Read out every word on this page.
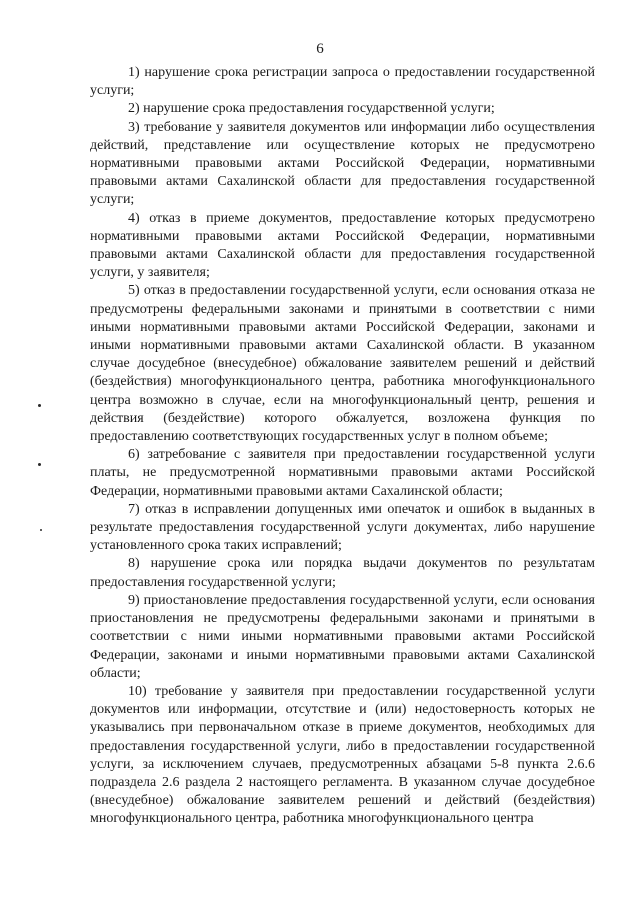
6

1) нарушение срока регистрации запроса о предоставлении государственной услуги;

2) нарушение срока предоставления государственной услуги;

3) требование у заявителя документов или информации либо осуществления действий, представление или осуществление которых не предусмотрено нормативными правовыми актами Российской Федерации, нормативными правовыми актами Сахалинской области для предоставления государственной услуги;

4) отказ в приеме документов, предоставление которых предусмотрено нормативными правовыми актами Российской Федерации, нормативными правовыми актами Сахалинской области для предоставления государственной услуги, у заявителя;

5) отказ в предоставлении государственной услуги, если основания отказа не предусмотрены федеральными законами и принятыми в соответствии с ними иными нормативными правовыми актами Российской Федерации, законами и иными нормативными правовыми актами Сахалинской области. В указанном случае досудебное (внесудебное) обжалование заявителем решений и действий (бездействия) многофункционального центра, работника многофункционального центра возможно в случае, если на многофункциональный центр, решения и действия (бездействие) которого обжалуется, возложена функция по предоставлению соответствующих государственных услуг в полном объеме;

6) затребование с заявителя при предоставлении государственной услуги платы, не предусмотренной нормативными правовыми актами Российской Федерации, нормативными правовыми актами Сахалинской области;

7) отказ в исправлении допущенных ими опечаток и ошибок в выданных в результате предоставления государственной услуги документах, либо нарушение установленного срока таких исправлений;

8) нарушение срока или порядка выдачи документов по результатам предоставления государственной услуги;

9) приостановление предоставления государственной услуги, если основания приостановления не предусмотрены федеральными законами и принятыми в соответствии с ними иными нормативными правовыми актами Российской Федерации, законами и иными нормативными правовыми актами Сахалинской области;

10) требование у заявителя при предоставлении государственной услуги документов или информации, отсутствие и (или) недостоверность которых не указывались при первоначальном отказе в приеме документов, необходимых для предоставления государственной услуги, либо в предоставлении государственной услуги, за исключением случаев, предусмотренных абзацами 5-8 пункта 2.6.6 подраздела 2.6 раздела 2 настоящего регламента. В указанном случае досудебное (внесудебное) обжалование заявителем решений и действий (бездействия) многофункционального центра, работника многофункционального центра
